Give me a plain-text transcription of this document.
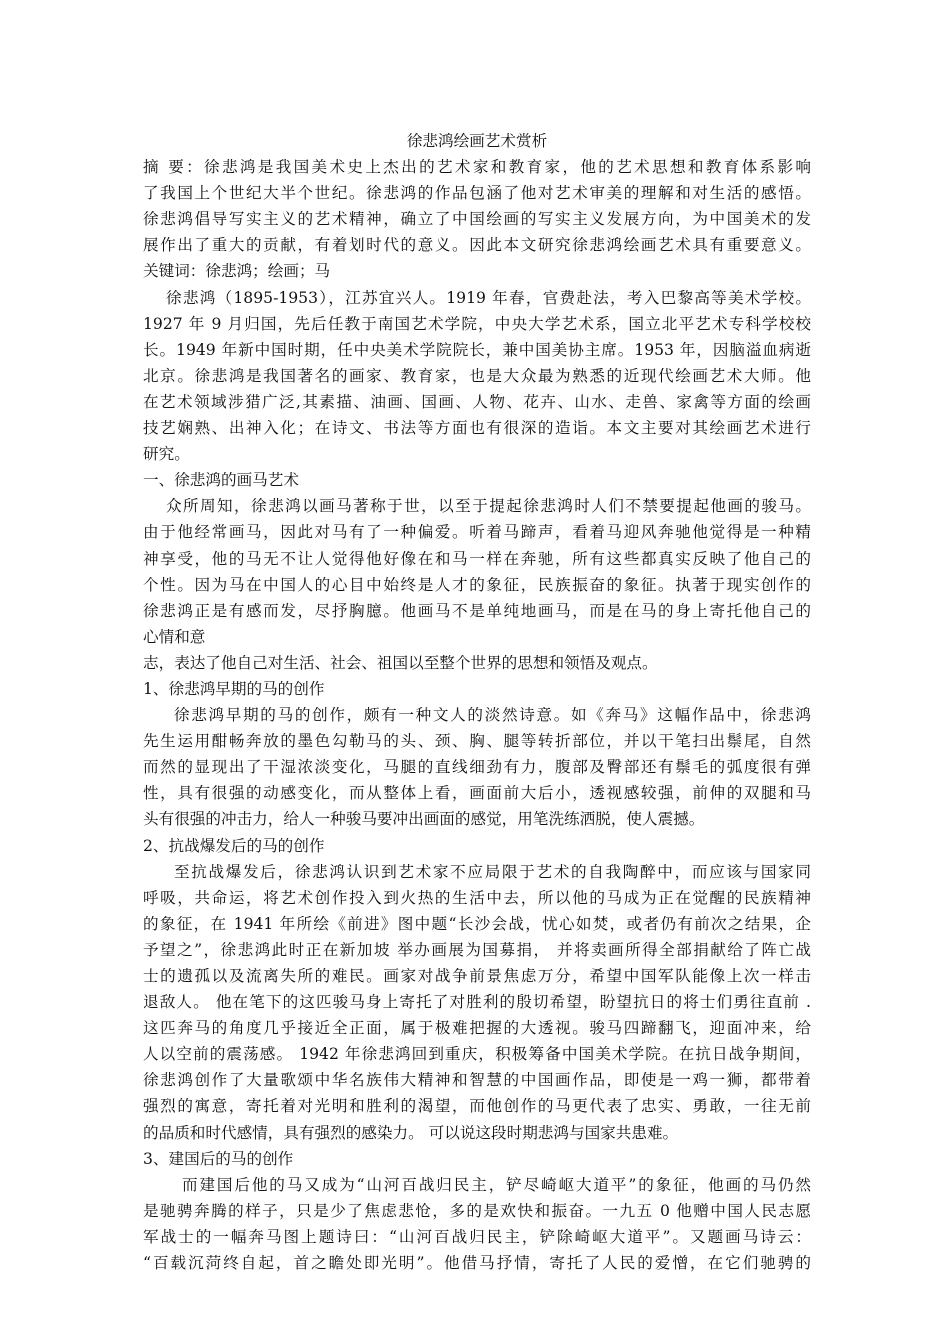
徐悲鸿绘画艺术赏析
摘 要：徐悲鸿是我国美术史上杰出的艺术家和教育家，他的艺术思想和教育体系影响
了我国上个世纪大半个世纪。徐悲鸿的作品包涵了他对艺术审美的理解和对生活的感悟。
徐悲鸿倡导写实主义的艺术精神，确立了中国绘画的写实主义发展方向，为中国美术的发
展作出了重大的贡献，有着划时代的意义。因此本文研究徐悲鸿绘画艺术具有重要意义。
关键词：徐悲鸿；绘画；马
徐悲鸿（1895-1953），江苏宜兴人。1919 年春，官费赴法，考入巴黎高等美术学校。
1927 年 9 月归国，先后任教于南国艺术学院，中央大学艺术系，国立北平艺术专科学校校
长。1949 年新中国时期，任中央美术学院院长，兼中国美协主席。1953 年，因脑溢血病逝
北京。徐悲鸿是我国著名的画家、教育家，也是大众最为熟悉的近现代绘画艺术大师。他
在艺术领域涉猎广泛,其素描、油画、国画、人物、花卉、山水、走兽、家禽等方面的绘画
技艺娴熟、出神入化；在诗文、书法等方面也有很深的造诣。本文主要对其绘画艺术进行
研究。
一、徐悲鸿的画马艺术
众所周知，徐悲鸿以画马著称于世，以至于提起徐悲鸿时人们不禁要提起他画的骏马。
由于他经常画马，因此对马有了一种偏爱。听着马蹄声，看着马迎风奔驰他觉得是一种精
神享受，他的马无不让人觉得他好像在和马一样在奔驰，所有这些都真实反映了他自己的
个性。因为马在中国人的心目中始终是人才的象征，民族振奋的象征。执著于现实创作的
徐悲鸿正是有感而发，尽抒胸臆。他画马不是单纯地画马，而是在马的身上寄托他自己的
心情和意
志，表达了他自己对生活、社会、祖国以至整个世界的思想和领悟及观点。
1、徐悲鸿早期的马的创作
徐悲鸿早期的马的创作，颇有一种文人的淡然诗意。如《奔马》这幅作品中，徐悲鸿
先生运用酣畅奔放的墨色勾勒马的头、颈、胸、腿等转折部位，并以干笔扫出鬃尾，自然
而然的显现出了干湿浓淡变化，马腿的直线细劲有力，腹部及臀部还有鬃毛的弧度很有弹
性，具有很强的动感变化，而从整体上看，画面前大后小，透视感较强，前伸的双腿和马
头有很强的冲击力，给人一种骏马要冲出画面的感觉，用笔洗练洒脱，使人震撼。
2、抗战爆发后的马的创作
至抗战爆发后，徐悲鸿认识到艺术家不应局限于艺术的自我陶醉中，而应该与国家同
呼吸，共命运，将艺术创作投入到火热的生活中去，所以他的马成为正在觉醒的民族精神
的象征，在 1941 年所绘《前进》图中题“长沙会战，忧心如焚，或者仍有前次之结果，企
予望之”，徐悲鸿此时正在新加坡 举办画展为国募捐， 并将卖画所得全部捐献给了阵亡战
士的遗孤以及流离失所的难民。画家对战争前景焦虑万分，希望中国军队能像上次一样击
退敌人。 他在笔下的这匹骏马身上寄托了对胜利的殷切希望，盼望抗日的将士们勇往直前 .
这匹奔马的角度几乎接近全正面，属于极难把握的大透视。骏马四蹄翻飞，迎面冲来，给
人以空前的震荡感。 1942 年徐悲鸿回到重庆，积极筹备中国美术学院。在抗日战争期间，
徐悲鸿创作了大量歌颂中华名族伟大精神和智慧的中国画作品，即使是一鸡一狮，都带着
强烈的寓意，寄托着对光明和胜利的渴望，而他创作的马更代表了忠实、勇敢，一往无前
的品质和时代感情，具有强烈的感染力。 可以说这段时期悲鸿与国家共患难。
3、建国后的马的创作
而建国后他的马又成为“山河百战归民主，铲尽崎岖大道平”的象征，他画的马仍然
是驰骋奔腾的样子，只是少了焦虑悲怆，多的是欢快和振奋。一九五 0 他赠中国人民志愿
军战士的一幅奔马图上题诗曰：“山河百战归民主，铲除崎岖大道平”。又题画马诗云：
“百载沉菏终自起，首之瞻处即光明”。他借马抒情，寄托了人民的爱憎，在它们驰骋的
